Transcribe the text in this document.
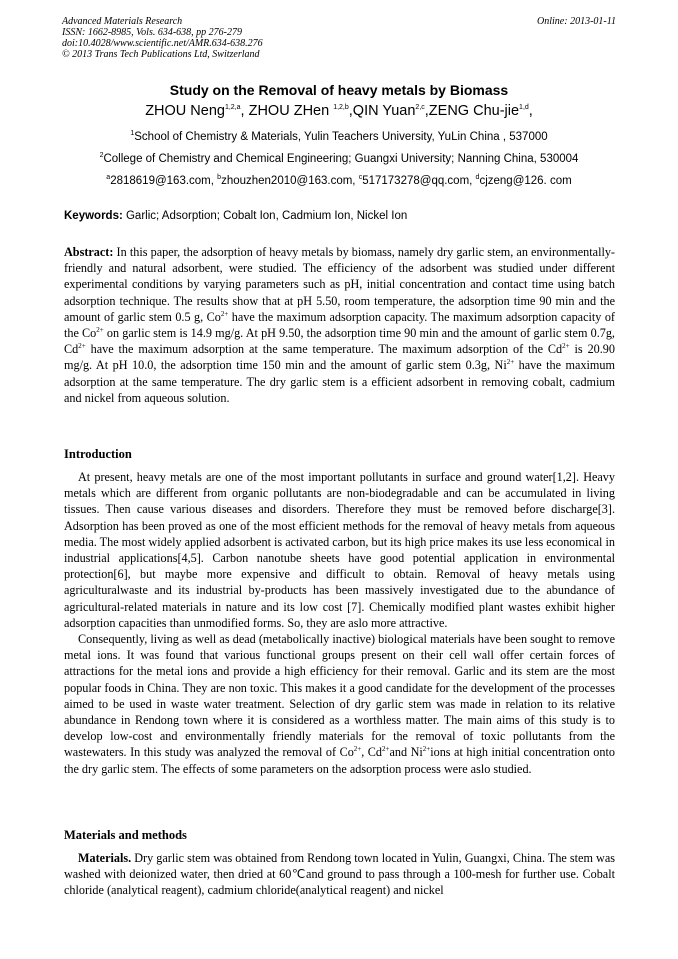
Advanced Materials Research
ISSN: 1662-8985, Vols. 634-638, pp 276-279
doi:10.4028/www.scientific.net/AMR.634-638.276
© 2013 Trans Tech Publications Ltd, Switzerland
Online: 2013-01-11
Study on the Removal of heavy metals by Biomass
ZHOU Neng$^{1,2,a}$, ZHOU ZHen $^{1,2,b}$,QIN Yuan$^{2,c}$,ZENG Chu-jie$^{1,d}$,
$^1$School of Chemistry & Materials, Yulin Teachers University, YuLin China , 537000
$^2$College of Chemistry and Chemical Engineering; Guangxi University; Nanning China, 530004
$^a$2818619@163.com, $^b$zhouzhen2010@163.com, $^c$517173278@qq.com, $^d$cjzeng@126. com
Keywords: Garlic; Adsorption; Cobalt Ion, Cadmium Ion, Nickel Ion
Abstract: In this paper, the adsorption of heavy metals by biomass, namely dry garlic stem, an environmentally-friendly and natural adsorbent, were studied. The efficiency of the adsorbent was studied under different experimental conditions by varying parameters such as pH, initial concentration and contact time using batch adsorption technique. The results show that at pH 5.50, room temperature, the adsorption time 90 min and the amount of garlic stem 0.5 g, $Co^{2+}$ have the maximum adsorption capacity. The maximum adsorption capacity of the $Co^{2+}$ on garlic stem is 14.9 mg/g. At pH 9.50, the adsorption time 90 min and the amount of garlic stem 0.7g, $Cd^{2+}$ have the maximum adsorption at the same temperature. The maximum adsorption of the $Cd^{2+}$ is 20.90 mg/g. At pH 10.0, the adsorption time 150 min and the amount of garlic stem 0.3g, $Ni^{2+}$ have the maximum adsorption at the same temperature. The dry garlic stem is a efficient adsorbent in removing cobalt, cadmium and nickel from aqueous solution.
Introduction

At present, heavy metals are one of the most important pollutants in surface and ground water[1,2]. Heavy metals which are different from organic pollutants are non-biodegradable and can be accumulated in living tissues. Then cause various diseases and disorders. Therefore they must be removed before discharge[3]. Adsorption has been proved as one of the most efficient methods for the removal of heavy metals from aqueous media. The most widely applied adsorbent is activated carbon, but its high price makes its use less economical in industrial applications[4,5]. Carbon nanotube sheets have good potential application in environmental protection[6], but maybe more expensive and difficult to obtain. Removal of heavy metals using agriculturalwaste and its industrial by-products has been massively investigated due to the abundance of agricultural-related materials in nature and its low cost [7]. Chemically modified plant wastes exhibit higher adsorption capacities than unmodified forms. So, they are aslo more attractive.

Consequently, living as well as dead (metabolically inactive) biological materials have been sought to remove metal ions. It was found that various functional groups present on their cell wall offer certain forces of attractions for the metal ions and provide a high efficiency for their removal. Garlic and its stem are the most popular foods in China. They are non toxic. This makes it a good candidate for the development of the processes aimed to be used in waste water treatment. Selection of dry garlic stem was made in relation to its relative abundance in Rendong town where it is considered as a worthless matter. The main aims of this study is to develop low-cost and environmentally friendly materials for the removal of toxic pollutants from the wastewaters. In this study was analyzed the removal of $Co^{2+}$, $Cd^{2+}and$ $Ni^{2+}ions$ at high initial concentration onto the dry garlic stem. The effects of some parameters on the adsorption process were aslo studied.

Materials and methods

Materials. Dry garlic stem was obtained from Rendong town located in Yulin, Guangxi, China. The stem was washed with deionized water, then dried at 60℃and ground to pass through a 100-mesh for further use. Cobalt chloride (analytical reagent), cadmium chloride(analytical reagent) and nickel
